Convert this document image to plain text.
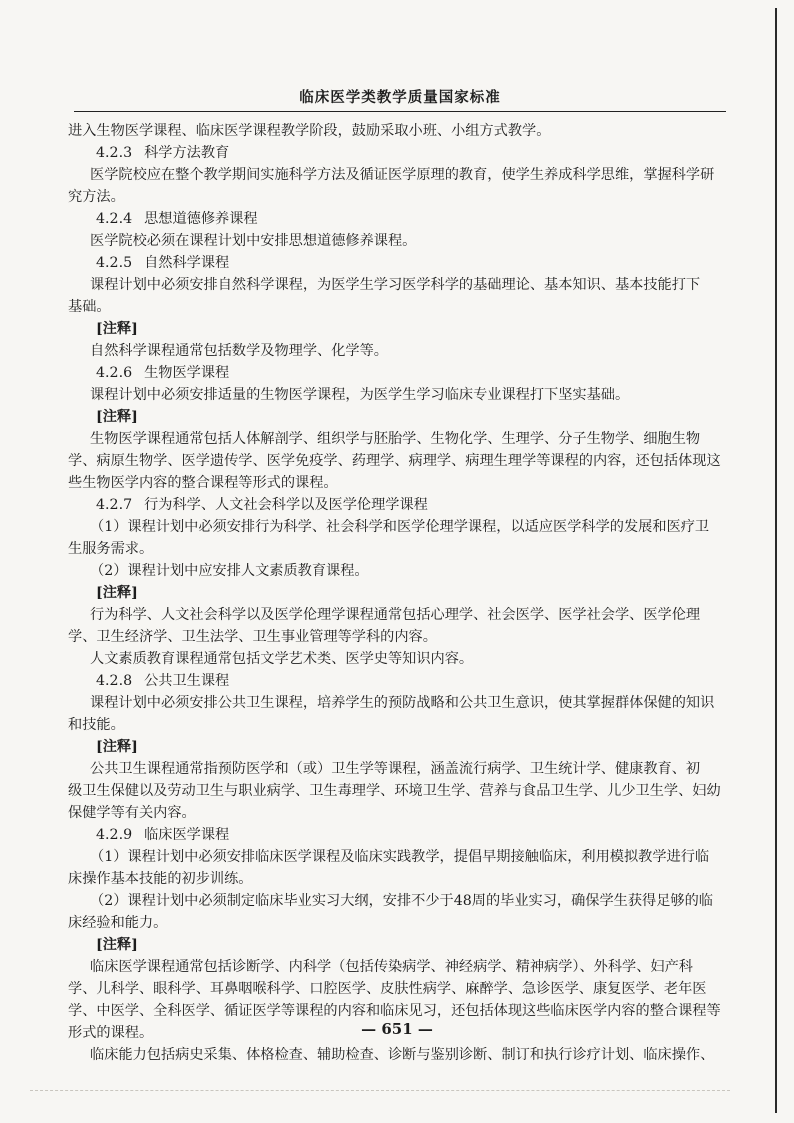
临床医学类教学质量国家标准
进入生物医学课程、临床医学课程教学阶段，鼓励采取小班、小组方式教学。
4.2.3 科学方法教育
医学院校应在整个教学期间实施科学方法及循证医学原理的教育，使学生养成科学思维，掌握科学研
究方法。
4.2.4 思想道德修养课程
医学院校必须在课程计划中安排思想道德修养课程。
4.2.5 自然科学课程
课程计划中必须安排自然科学课程，为医学生学习医学科学的基础理论、基本知识、基本技能打下
基础。
[注释]
自然科学课程通常包括数学及物理学、化学等。
4.2.6 生物医学课程
课程计划中必须安排适量的生物医学课程，为医学生学习临床专业课程打下坚实基础。
[注释]
生物医学课程通常包括人体解剖学、组织学与胚胎学、生物化学、生理学、分子生物学、细胞生物
学、病原生物学、医学遗传学、医学免疫学、药理学、病理学、病理生理学等课程的内容，还包括体现这
些生物医学内容的整合课程等形式的课程。
4.2.7 行为科学、人文社会科学以及医学伦理学课程
（1）课程计划中必须安排行为科学、社会科学和医学伦理学课程，以适应医学科学的发展和医疗卫
生服务需求。
（2）课程计划中应安排人文素质教育课程。
[注释]
行为科学、人文社会科学以及医学伦理学课程通常包括心理学、社会医学、医学社会学、医学伦理
学、卫生经济学、卫生法学、卫生事业管理等学科的内容。
人文素质教育课程通常包括文学艺术类、医学史等知识内容。
4.2.8 公共卫生课程
课程计划中必须安排公共卫生课程，培养学生的预防战略和公共卫生意识，使其掌握群体保健的知识
和技能。
[注释]
公共卫生课程通常指预防医学和（或）卫生学等课程，涵盖流行病学、卫生统计学、健康教育、初
级卫生保健以及劳动卫生与职业病学、卫生毒理学、环境卫生学、营养与食品卫生学、儿少卫生学、妇幼
保健学等有关内容。
4.2.9 临床医学课程
（1）课程计划中必须安排临床医学课程及临床实践教学，提倡早期接触临床，利用模拟教学进行临
床操作基本技能的初步训练。
（2）课程计划中必须制定临床毕业实习大纲，安排不少于48周的毕业实习，确保学生获得足够的临
床经验和能力。
[注释]
临床医学课程通常包括诊断学、内科学（包括传染病学、神经病学、精神病学）、外科学、妇产科
学、儿科学、眼科学、耳鼻咽喉科学、口腔医学、皮肤性病学、麻醉学、急诊医学、康复医学、老年医
学、中医学、全科医学、循证医学等课程的内容和临床见习，还包括体现这些临床医学内容的整合课程等
形式的课程。
临床能力包括病史采集、体格检查、辅助检查、诊断与鉴别诊断、制订和执行诊疗计划、临床操作、
— 651 —
